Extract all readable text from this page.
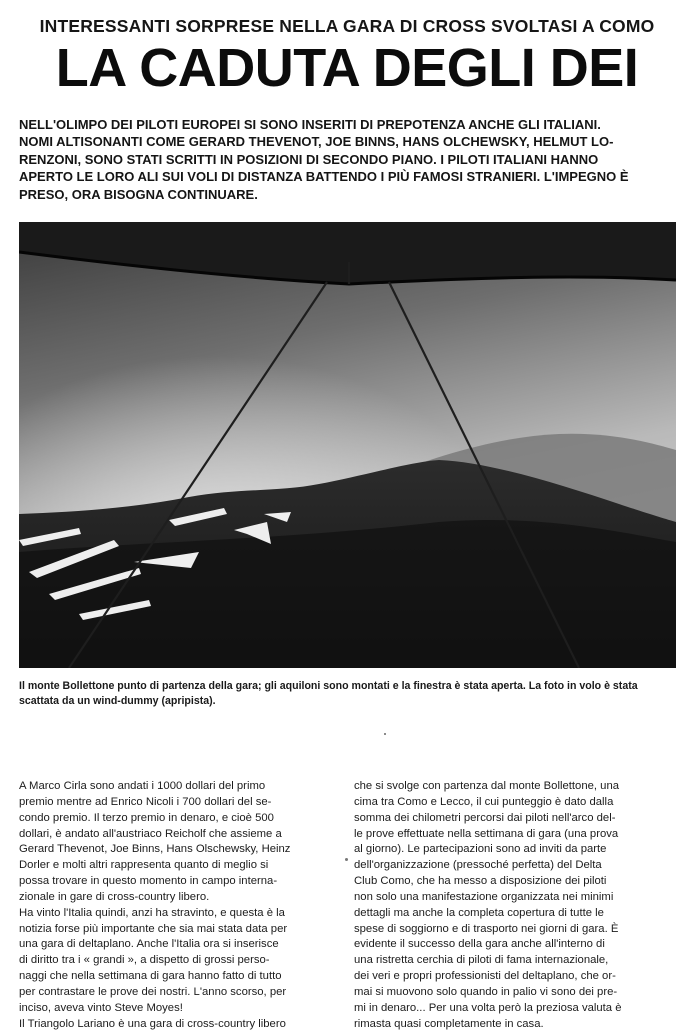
INTERESSANTI SORPRESE NELLA GARA DI CROSS SVOLTASI A COMO
LA CADUTA DEGLI DEI
NELL'OLIMPO DEI PILOTI EUROPEI SI SONO INSERITI DI PREPOTENZA ANCHE GLI ITALIANI.
NOMI ALTISONANTI COME GERARD THEVENOT, JOE BINNS, HANS OLCHEWSKY, HELMUT LO-
RENZONI, SONO STATI SCRITTI IN POSIZIONI DI SECONDO PIANO. I PILOTI ITALIANI HANNO
APERTO LE LORO ALI SUI VOLI DI DISTANZA BATTENDO I PIÙ FAMOSI STRANIERI. L'IMPEGNO È
PRESO, ORA BISOGNA CONTINUARE.
Il monte Bollettone punto di partenza della gara; gli aquiloni sono montati e la finestra è stata aperta. La foto in volo è stata
scattata da un wind-dummy (apripista).
A Marco Cirla sono andati i 1000 dollari del primo
premio mentre ad Enrico Nicoli i 700 dollari del se-
condo premio. Il terzo premio in denaro, e cioè 500
dollari, è andato all'austriaco Reicholf che assieme a
Gerard Thevenot, Joe Binns, Hans Olschewsky, Heinz
Dorler e molti altri rappresenta quanto di meglio si
possa trovare in questo momento in campo interna-
zionale in gare di cross-country libero.
Ha vinto l'Italia quindi, anzi ha stravinto, e questa è la
notizia forse più importante che sia mai stata data per
una gara di deltaplano. Anche l'Italia ora si inserisce
di diritto tra i « grandi », a dispetto di grossi perso-
naggi che nella settimana di gara hanno fatto di tutto
per contrastare le prove dei nostri. L'anno scorso, per
inciso, aveva vinto Steve Moyes!
Il Triangolo Lariano è una gara di cross-country libero
che si svolge con partenza dal monte Bollettone, una
cima tra Como e Lecco, il cui punteggio è dato dalla
somma dei chilometri percorsi dai piloti nell'arco del-
le prove effettuate nella settimana di gara (una prova
al giorno). Le partecipazioni sono ad inviti da parte
dell'organizzazione (pressoché perfetta) del Delta
Club Como, che ha messo a disposizione dei piloti
non solo una manifestazione organizzata nei minimi
dettagli ma anche la completa copertura di tutte le
spese di soggiorno e di trasporto nei giorni di gara. È
evidente il successo della gara anche all'interno di
una ristretta cerchia di piloti di fama internazionale,
dei veri e propri professionisti del deltaplano, che or-
mai si muovono solo quando in palio vi sono dei pre-
mi in denaro... Per una volta però la preziosa valuta è
rimasta quasi completamente in casa.
